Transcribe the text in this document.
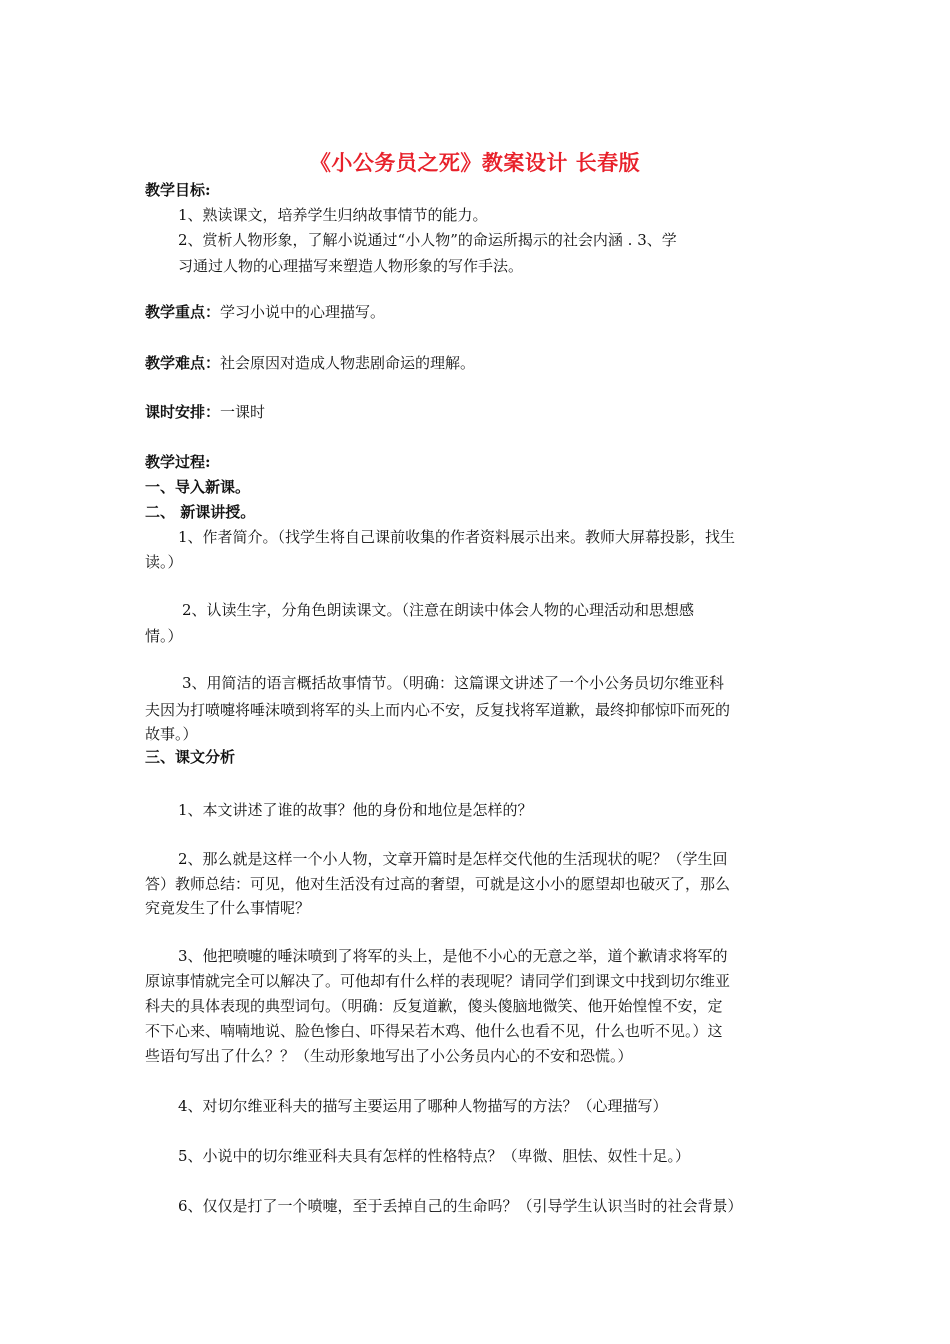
《小公务员之死》教案设计 长春版
教学目标:
1、熟读课文，培养学生归纳故事情节的能力。
2、赏析人物形象，了解小说通过“小人物”的命运所揭示的社会内涵 . 3、学
习通过人物的心理描写来塑造人物形象的写作手法。
教学重点：学习小说中的心理描写。
教学难点：社会原因对造成人物悲剧命运的理解。
课时安排：一课时
教学过程:
一、导入新课。
二、 新课讲授。
1、作者简介。（找学生将自己课前收集的作者资料展示出来。教师大屏幕投影，找生
读。）
2、认读生字，分角色朗读课文。（注意在朗读中体会人物的心理活动和思想感
情。）
3、用简洁的语言概括故事情节。（明确：这篇课文讲述了一个小公务员切尔维亚科
夫因为打喷嚏将唾沫喷到将军的头上而内心不安，反复找将军道歉，最终抑郁惊吓而死的
故事。）
三、课文分析
1、本文讲述了谁的故事？他的身份和地位是怎样的？
2、那么就是这样一个小人物，文章开篇时是怎样交代他的生活现状的呢？（学生回
答）教师总结：可见，他对生活没有过高的奢望，可就是这小小的愿望却也破灭了，那么
究竟发生了什么事情呢？
3、他把喷嚏的唾沫喷到了将军的头上，是他不小心的无意之举，道个歉请求将军的
原谅事情就完全可以解决了。可他却有什么样的表现呢？请同学们到课文中找到切尔维亚
科夫的具体表现的典型词句。（明确：反复道歉，傻头傻脑地微笑、他开始惶惶不安，定
不下心来、喃喃地说、脸色惨白、吓得呆若木鸡、他什么也看不见，什么也听不见。）这
些语句写出了什么？？（生动形象地写出了小公务员内心的不安和恐慌。）
4、对切尔维亚科夫的描写主要运用了哪种人物描写的方法？（心理描写）
5、小说中的切尔维亚科夫具有怎样的性格特点？（卑微、胆怯、奴性十足。）
6、仅仅是打了一个喷嚏，至于丢掉自己的生命吗？（引导学生认识当时的社会背景）
